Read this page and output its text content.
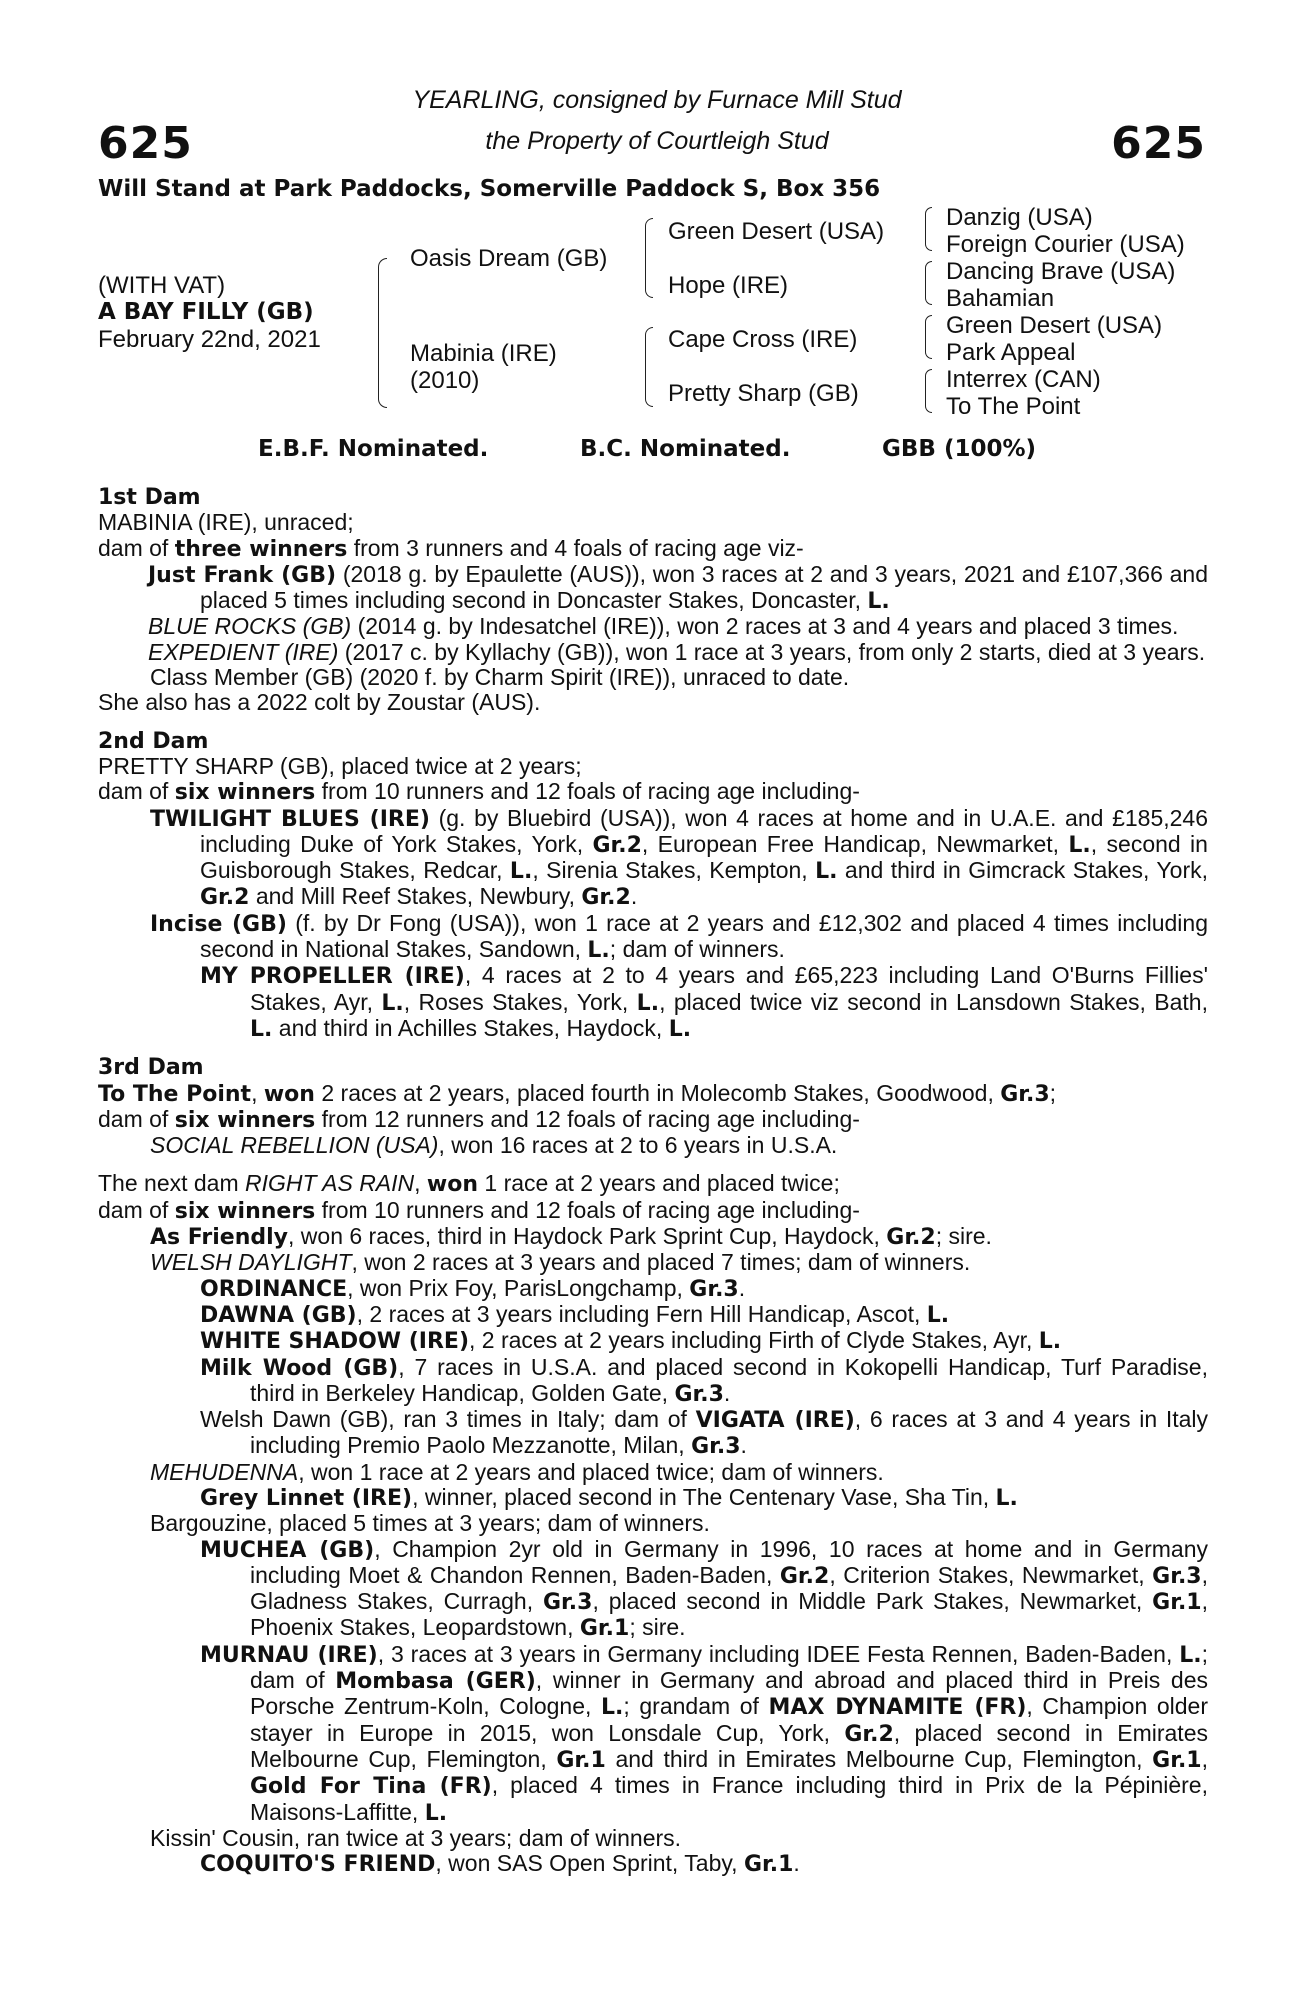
625	625
YEARLING, consigned by Furnace Mill Stud
the Property of Courtleigh Stud
Will Stand at Park Paddocks, Somerville Paddock S, Box 356
(WITH VAT)
A BAY FILLY (GB)
February 22nd, 2021
Oasis Dream (GB)
Mabinia (IRE)
(2010)
Green Desert (USA)
Hope (IRE)
Cape Cross (IRE)
Pretty Sharp (GB)
Danzig (USA)
Foreign Courier (USA)
Dancing Brave (USA)
Bahamian
Green Desert (USA)
Park Appeal
Interrex (CAN)
To The Point
E.B.F. Nominated.	B.C. Nominated.	GBB (100%)

1st Dam

MABINIA (IRE), unraced;

dam of three winners from 3 runners and 4 foals of racing age viz-

Just Frank (GB) (2018 g. by Epaulette (AUS)), won 3 races at 2 and 3 years, 2021 and £107,366 and placed 5 times including second in Doncaster Stakes, Doncaster, L.

BLUE ROCKS (GB) (2014 g. by Indesatchel (IRE)), won 2 races at 3 and 4 years and placed 3 times.

EXPEDIENT (IRE) (2017 c. by Kyllachy (GB)), won 1 race at 3 years, from only 2 starts, died at 3 years.

Class Member (GB) (2020 f. by Charm Spirit (IRE)), unraced to date.

She also has a 2022 colt by Zoustar (AUS).

2nd Dam

PRETTY SHARP (GB), placed twice at 2 years;

dam of six winners from 10 runners and 12 foals of racing age including-

TWILIGHT BLUES (IRE) (g. by Bluebird (USA)), won 4 races at home and in U.A.E. and £185,246 including Duke of York Stakes, York, Gr.2, European Free Handicap, Newmarket, L., second in Guisborough Stakes, Redcar, L., Sirenia Stakes, Kempton, L. and third in Gimcrack Stakes, York, Gr.2 and Mill Reef Stakes, Newbury, Gr.2.

Incise (GB) (f. by Dr Fong (USA)), won 1 race at 2 years and £12,302 and placed 4 times including second in National Stakes, Sandown, L.; dam of winners.

MY PROPELLER (IRE), 4 races at 2 to 4 years and £65,223 including Land O'Burns Fillies' Stakes, Ayr, L., Roses Stakes, York, L., placed twice viz second in Lansdown Stakes, Bath, L. and third in Achilles Stakes, Haydock, L.

3rd Dam

To The Point, won 2 races at 2 years, placed fourth in Molecomb Stakes, Goodwood, Gr.3;

dam of six winners from 12 runners and 12 foals of racing age including-

SOCIAL REBELLION (USA), won 16 races at 2 to 6 years in U.S.A.

The next dam RIGHT AS RAIN, won 1 race at 2 years and placed twice;

dam of six winners from 10 runners and 12 foals of racing age including-

As Friendly, won 6 races, third in Haydock Park Sprint Cup, Haydock, Gr.2; sire.

WELSH DAYLIGHT, won 2 races at 3 years and placed 7 times; dam of winners.

ORDINANCE, won Prix Foy, ParisLongchamp, Gr.3.

DAWNA (GB), 2 races at 3 years including Fern Hill Handicap, Ascot, L.

WHITE SHADOW (IRE), 2 races at 2 years including Firth of Clyde Stakes, Ayr, L.

Milk Wood (GB), 7 races in U.S.A. and placed second in Kokopelli Handicap, Turf Paradise, third in Berkeley Handicap, Golden Gate, Gr.3.

Welsh Dawn (GB), ran 3 times in Italy; dam of VIGATA (IRE), 6 races at 3 and 4 years in Italy including Premio Paolo Mezzanotte, Milan, Gr.3.

MEHUDENNA, won 1 race at 2 years and placed twice; dam of winners.

Grey Linnet (IRE), winner, placed second in The Centenary Vase, Sha Tin, L.

Bargouzine, placed 5 times at 3 years; dam of winners.

MUCHEA (GB), Champion 2yr old in Germany in 1996, 10 races at home and in Germany including Moet & Chandon Rennen, Baden-Baden, Gr.2, Criterion Stakes, Newmarket, Gr.3, Gladness Stakes, Curragh, Gr.3, placed second in Middle Park Stakes, Newmarket, Gr.1, Phoenix Stakes, Leopardstown, Gr.1; sire.

MURNAU (IRE), 3 races at 3 years in Germany including IDEE Festa Rennen, Baden-Baden, L.; dam of Mombasa (GER), winner in Germany and abroad and placed third in Preis des Porsche Zentrum-Koln, Cologne, L.; grandam of MAX DYNAMITE (FR), Champion older stayer in Europe in 2015, won Lonsdale Cup, York, Gr.2, placed second in Emirates Melbourne Cup, Flemington, Gr.1 and third in Emirates Melbourne Cup, Flemington, Gr.1, Gold For Tina (FR), placed 4 times in France including third in Prix de la Pépinière, Maisons-Laffitte, L.

Kissin' Cousin, ran twice at 3 years; dam of winners.

COQUITO'S FRIEND, won SAS Open Sprint, Taby, Gr.1.
